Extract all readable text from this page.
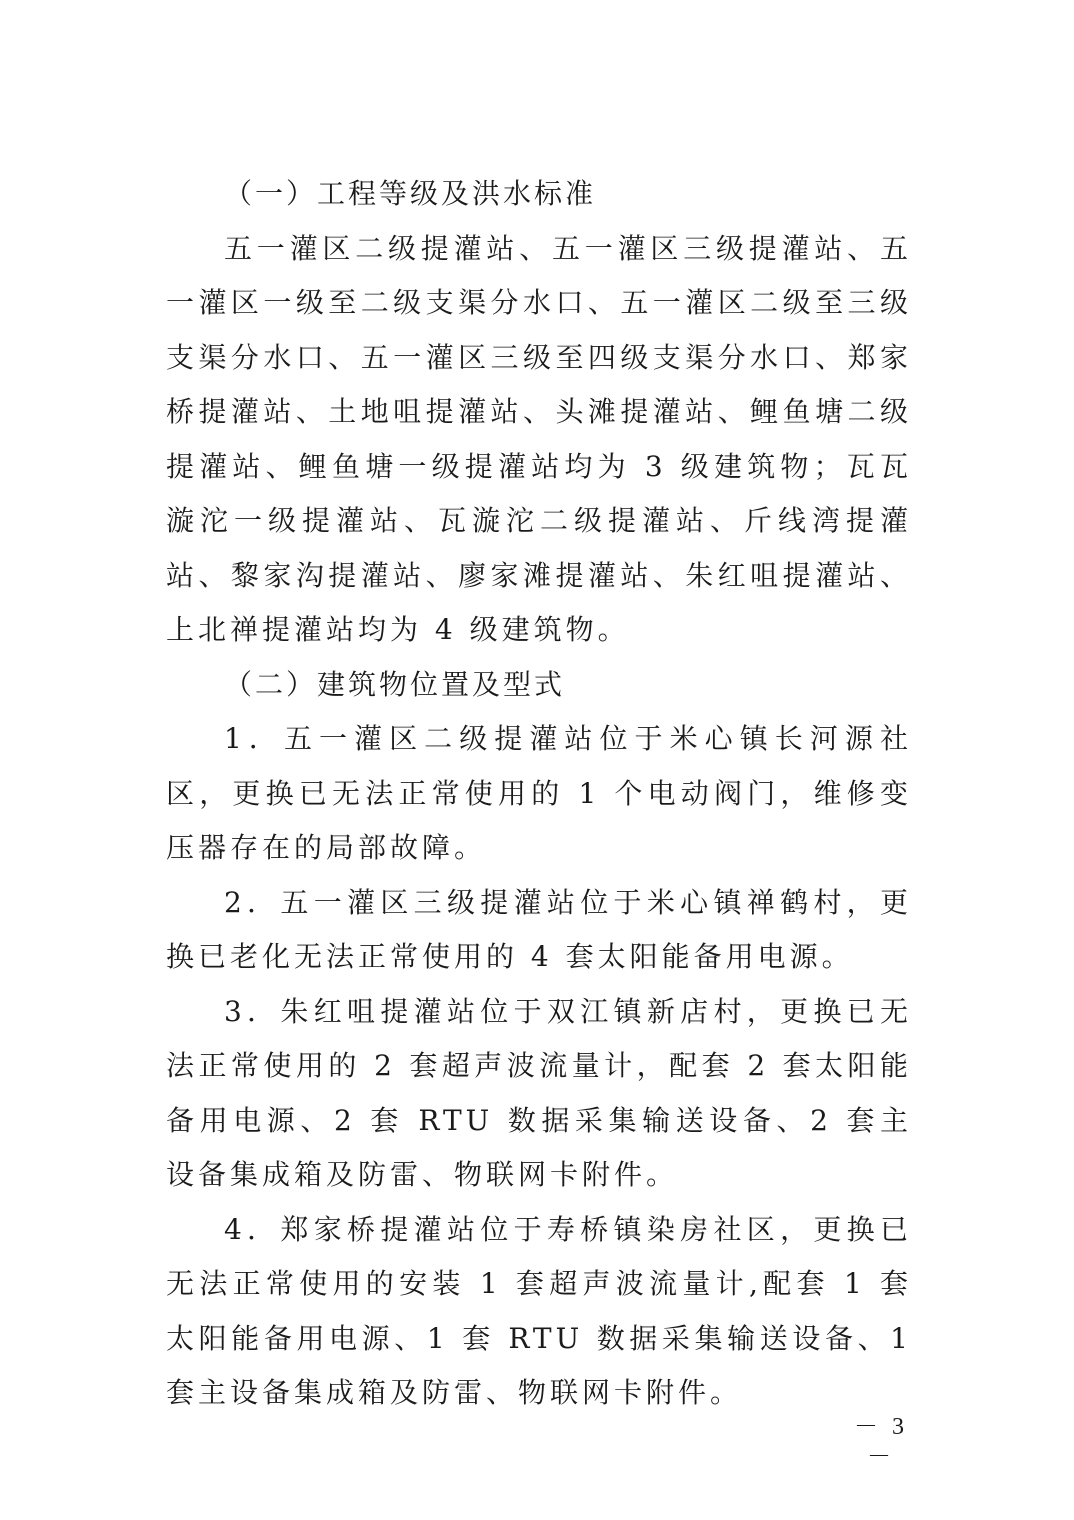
（一）工程等级及洪水标准

五一灌区二级提灌站、五一灌区三级提灌站、五一灌区一级至二级支渠分水口、五一灌区二级至三级支渠分水口、五一灌区三级至四级支渠分水口、郑家桥提灌站、土地咀提灌站、头滩提灌站、鲤鱼塘二级提灌站、鲤鱼塘一级提灌站均为 3 级建筑物；瓦瓦漩沱一级提灌站、瓦漩沱二级提灌站、斤线湾提灌站、黎家沟提灌站、廖家滩提灌站、朱红咀提灌站、上北禅提灌站均为 4 级建筑物。

（二）建筑物位置及型式

1．五一灌区二级提灌站位于米心镇长河源社区，更换已无法正常使用的 1 个电动阀门，维修变压器存在的局部故障。

2．五一灌区三级提灌站位于米心镇禅鹤村，更换已老化无法正常使用的 4 套太阳能备用电源。

3．朱红咀提灌站位于双江镇新店村，更换已无法正常使用的 2 套超声波流量计，配套 2 套太阳能备用电源、2 套 RTU 数据采集输送设备、2 套主设备集成箱及防雷、物联网卡附件。

4．郑家桥提灌站位于寿桥镇染房社区，更换已无法正常使用的安装 1 套超声波流量计,配套 1 套太阳能备用电源、1 套 RTU 数据采集输送设备、1 套主设备集成箱及防雷、物联网卡附件。

－ 3 －
